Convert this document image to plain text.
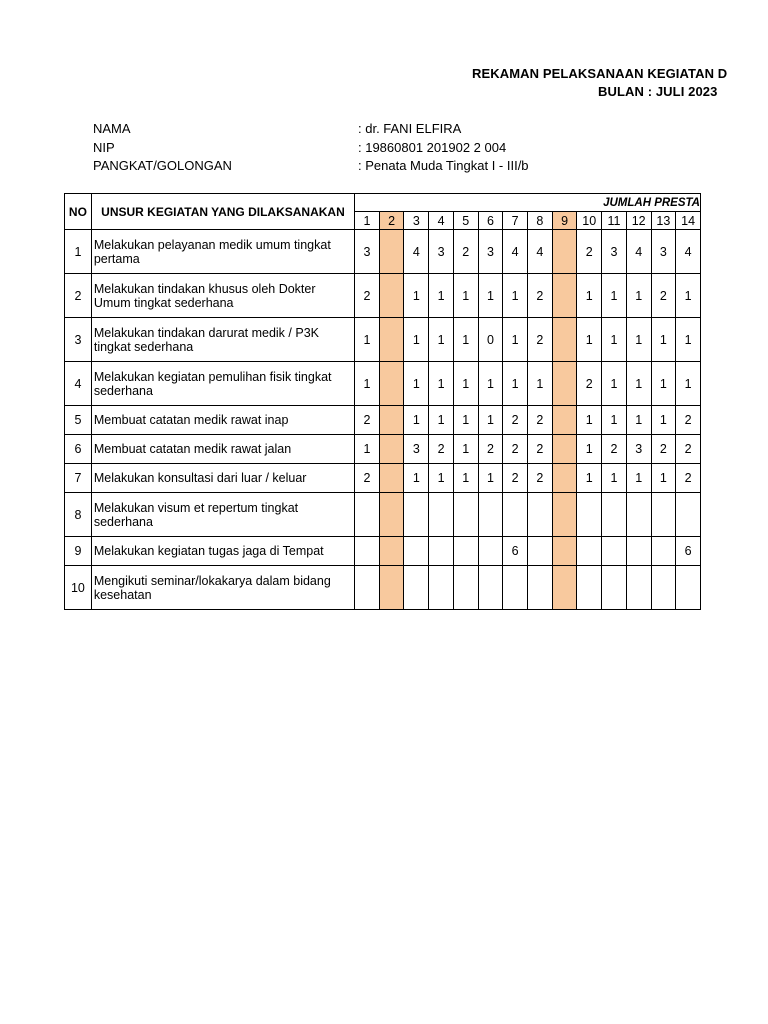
REKAMAN PELAKSANAAN KEGIATAN D
BULAN : JULI 2023
NAMA	: dr. FANI ELFIRA
NIP	: 19860801 201902 2 004
PANGKAT/GOLONGAN	: Penata Muda Tingkat I - III/b
NO	UNSUR KEGIATAN YANG DILAKSANAKAN	JUMLAH PRESTA													
		1	2	3	4	5	6	7	8	9	10	11	12	13	14
1	Melakukan pelayanan medik umum tingkat pertama	3		4	3	2	3	4	4		2	3	4	3	4
2	Melakukan tindakan khusus oleh Dokter Umum tingkat sederhana	2		1	1	1	1	1	2		1	1	1	2	1
3	Melakukan tindakan darurat medik / P3K tingkat sederhana	1		1	1	1	0	1	2		1	1	1	1	1
4	Melakukan kegiatan pemulihan fisik tingkat sederhana	1		1	1	1	1	1	1		2	1	1	1	1
5	Membuat catatan medik rawat inap	2		1	1	1	1	2	2		1	1	1	1	2
6	Membuat catatan medik rawat jalan	1		3	2	1	2	2	2		1	2	3	2	2
7	Melakukan konsultasi dari luar / keluar	2		1	1	1	1	2	2		1	1	1	1	2
8	Melakukan visum et repertum tingkat sederhana														
9	Melakukan kegiatan tugas jaga di Tempat							6							6
10	Mengikuti seminar/lokakarya dalam bidang kesehatan														
